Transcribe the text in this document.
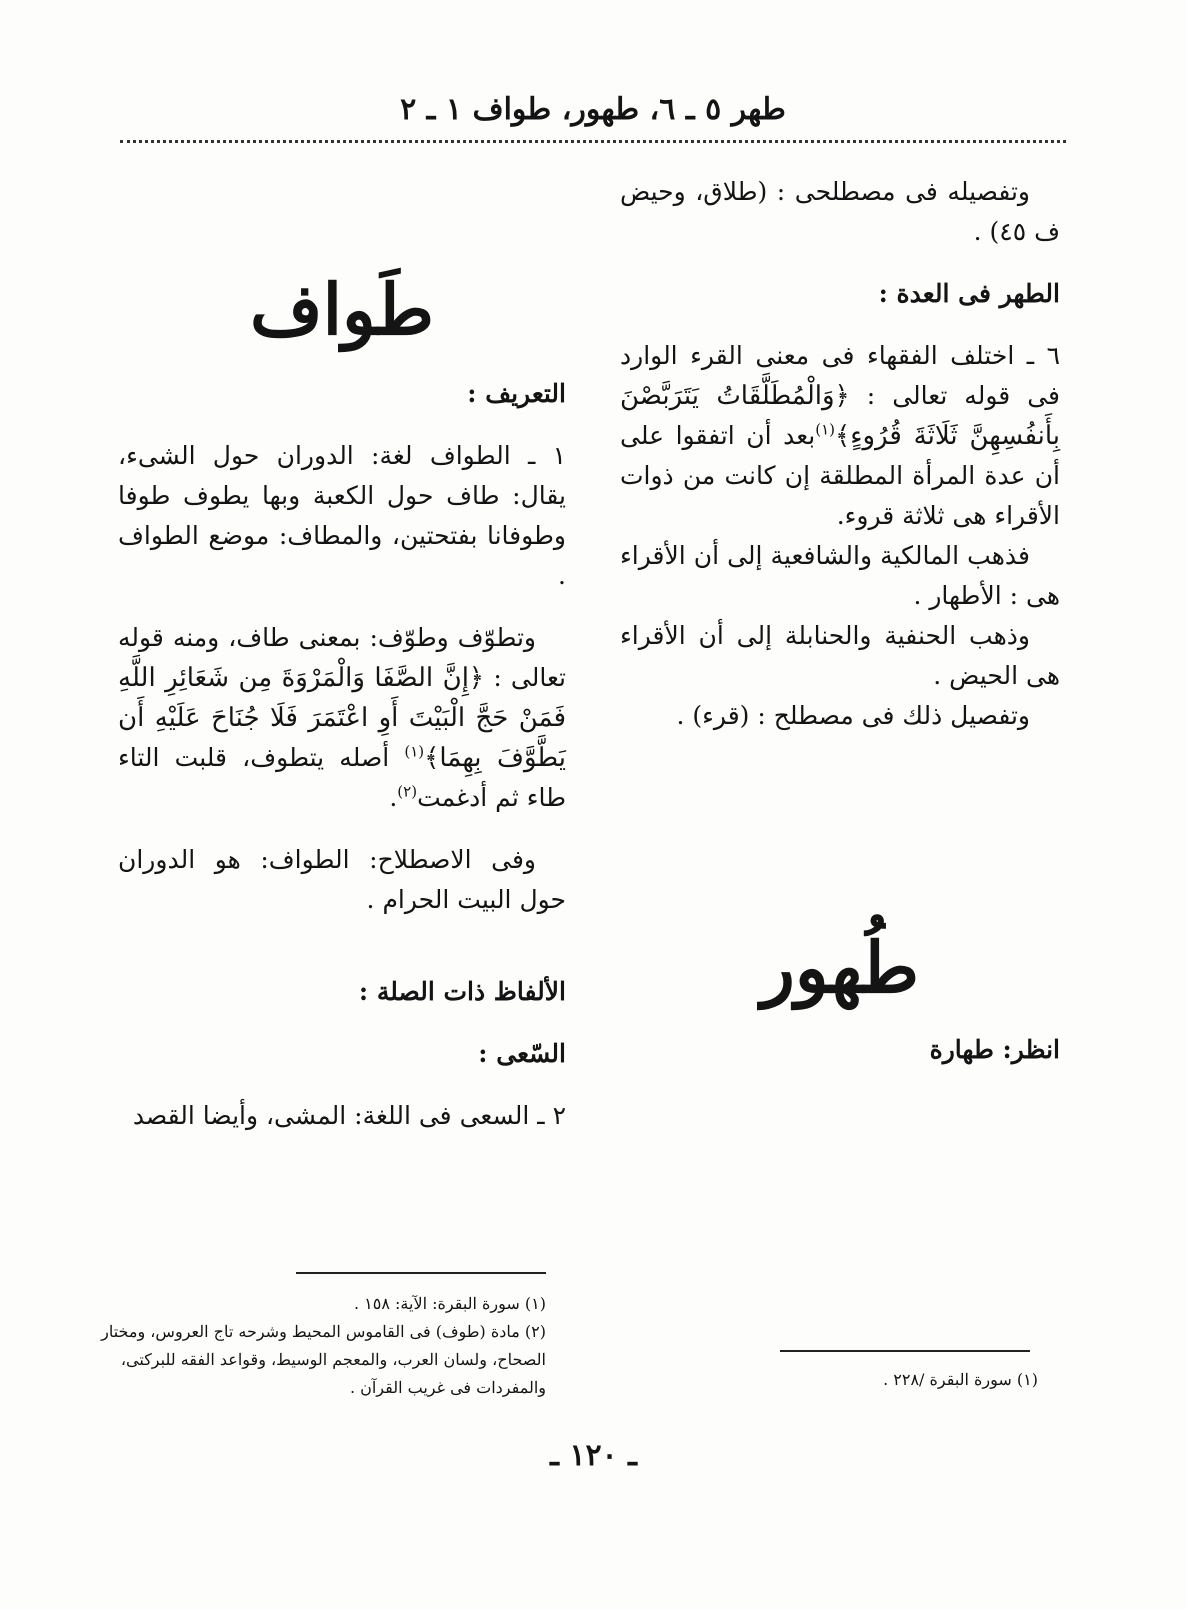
طهر ٥ ـ ٦، طهور، طواف ١ ـ ٢

وتفصيله فى مصطلحى : (طلاق، وحيض ف ٤٥) .

الطهر فى العدة :

٦ ـ اختلف الفقهاء فى معنى القرء الوارد فى قوله تعالى : ﴿وَالْمُطَلَّقَاتُ يَتَرَبَّصْنَ بِأَنفُسِهِنَّ ثَلَاثَةَ قُرُوءٍ﴾$^{(١)}$بعد أن اتفقوا على أن عدة المرأة المطلقة إن كانت من ذوات الأقراء هى ثلاثة قروء.

فذهب المالكية والشافعية إلى أن الأقراء هى : الأطهار .

وذهب الحنفية والحنابلة إلى أن الأقراء هى الحيض .

وتفصيل ذلك فى مصطلح : (قرء) .

طُهور

انظر: طهارة

طَواف

التعريف :

١ ـ الطواف لغة: الدوران حول الشىء، يقال: طاف حول الكعبة وبها يطوف طوفا وطوفانا بفتحتين، والمطاف: موضع الطواف .

وتطوّف وطوّف: بمعنى طاف، ومنه قوله تعالى : ﴿إِنَّ الصَّفَا وَالْمَرْوَةَ مِن شَعَائِرِ اللَّهِ فَمَنْ حَجَّ الْبَيْتَ أَوِ اعْتَمَرَ فَلَا جُنَاحَ عَلَيْهِ أَن يَطَّوَّفَ بِهِمَا﴾$^{(١)}$ أصله يتطوف، قلبت التاء طاء ثم أدغمت$^{(٢)}$.

وفى الاصطلاح: الطواف: هو الدوران حول البيت الحرام .

الألفاظ ذات الصلة :

السّعى :

٢ ـ السعى فى اللغة: المشى، وأيضا القصد

(١) سورة البقرة: الآية: ١٥٨ .

(٢) مادة (طوف) فى القاموس المحيط وشرحه تاج العروس، ومختار الصحاح، ولسان العرب، والمعجم الوسيط، وقواعد الفقه للبركتى، والمفردات فى غريب القرآن .	(١) سورة البقرة /٢٢٨ .

ـ ١٢٠ ـ
